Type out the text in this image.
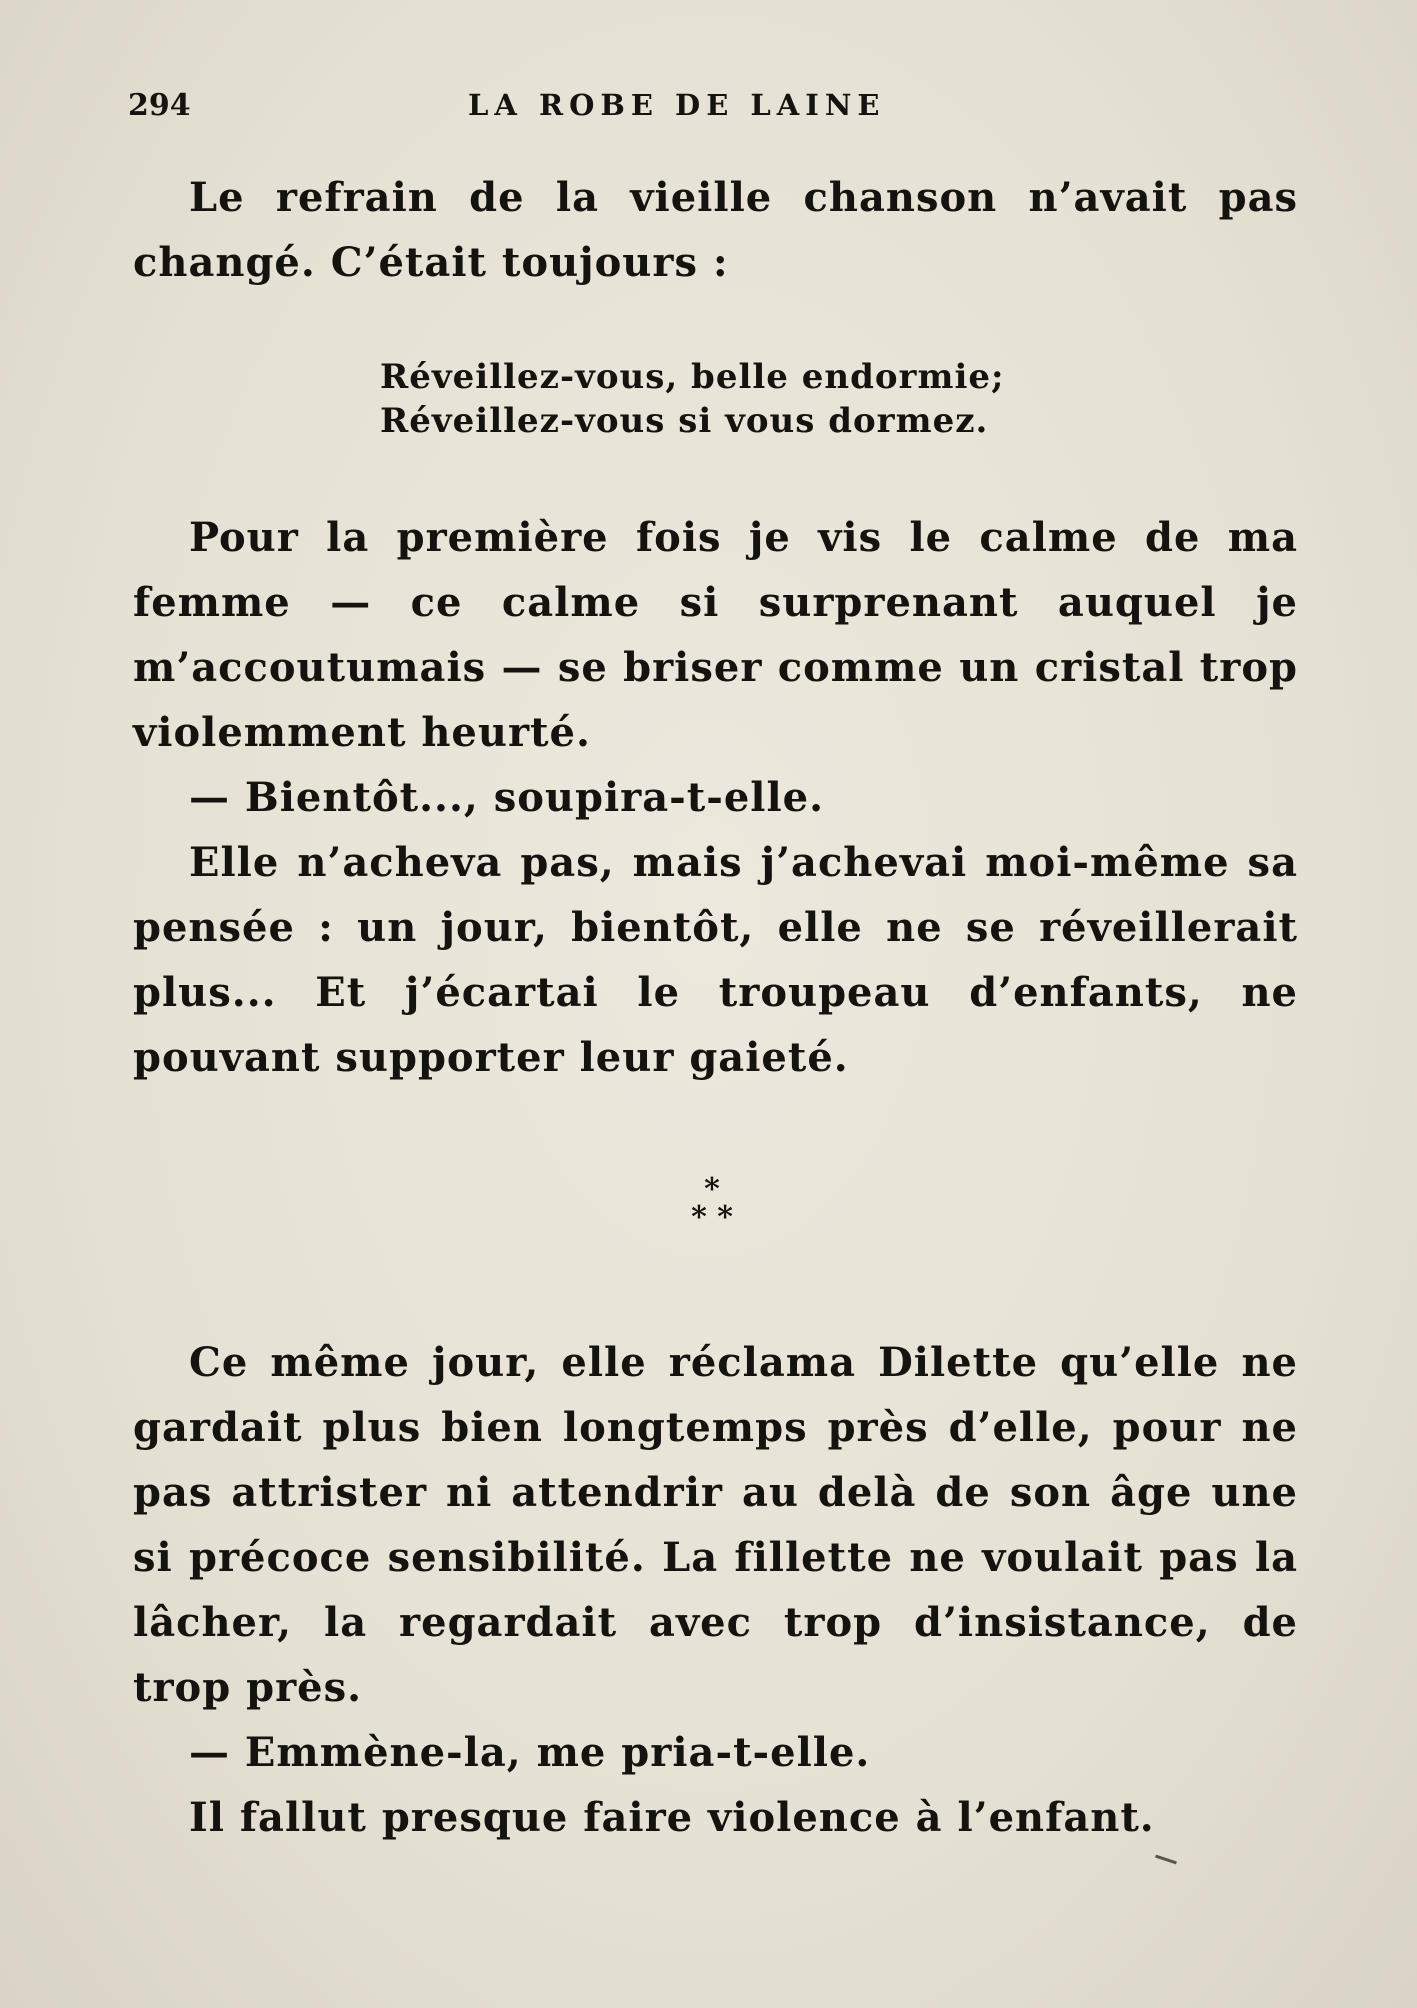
294	LA ROBE DE LAINE

Le refrain de la vieille chanson n’avait pas changé. C’était toujours :

Réveillez-vous, belle endormie;
Réveillez-vous si vous dormez.

Pour la première fois je vis le calme de ma femme — ce calme si surprenant auquel je m’accoutumais — se briser comme un cristal trop violemment heurté.

— Bientôt..., soupira-t-elle.

Elle n’acheva pas, mais j’achevai moi-même sa pensée : un jour, bientôt, elle ne se réveillerait plus... Et j’écartai le troupeau d’enfants, ne pouvant supporter leur gaieté.

*
* *

Ce même jour, elle réclama Dilette qu’elle ne gardait plus bien longtemps près d’elle, pour ne pas attrister ni attendrir au delà de son âge une si précoce sensibilité. La fillette ne voulait pas la lâcher, la regardait avec trop d’insistance, de trop près.

— Emmène-la, me pria-t-elle.

Il fallut presque faire violence à l’enfant.
